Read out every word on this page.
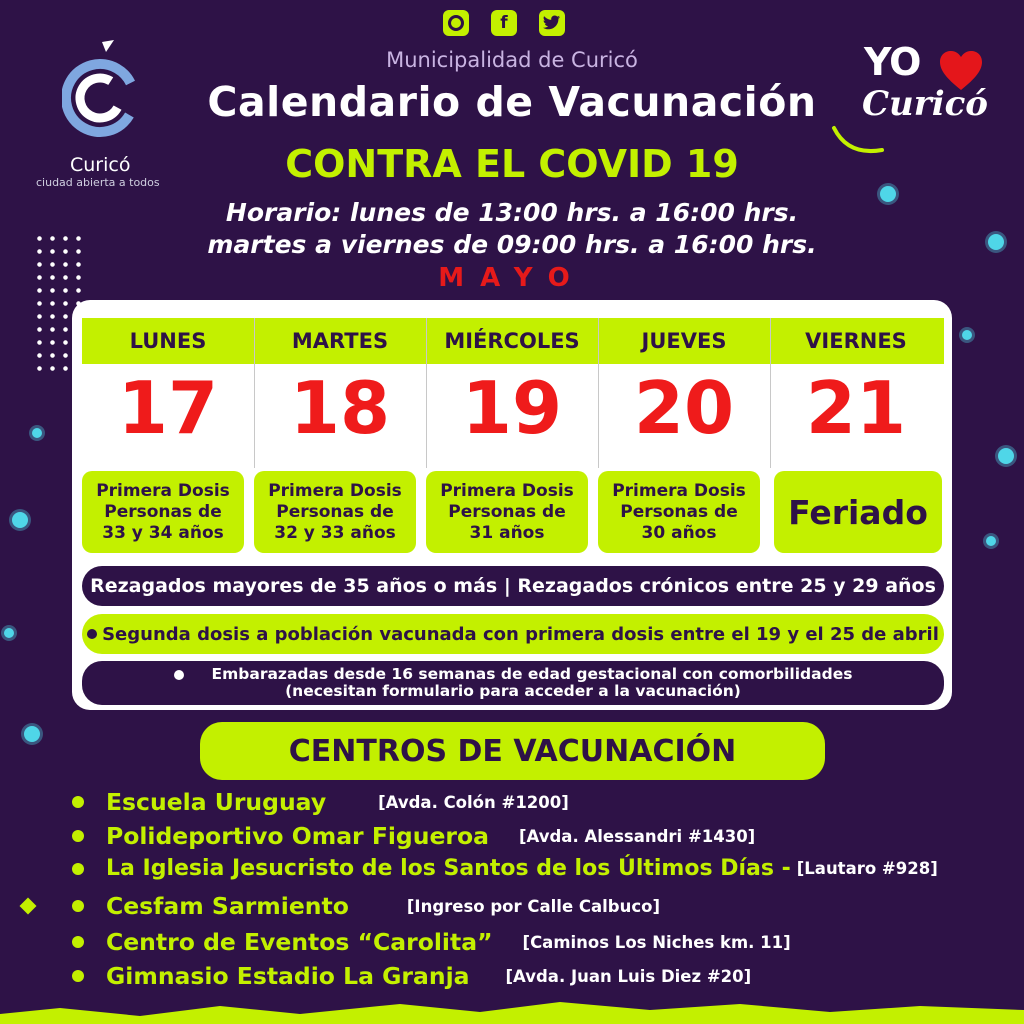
f
Curicó
ciudad abierta a todos
YO
Curicó
Municipalidad de Curicó
Calendario de Vacunación
CONTRA EL COVID 19
Horario: lunes de 13:00 hrs. a 16:00 hrs.
martes a viernes de 09:00 hrs. a 16:00 hrs.
MAYO
LUNES	MARTES	MIÉRCOLES	JUEVES	VIERNES
17 18 19 20 21
Primera Dosis
Personas de
33 y 34 años
Primera Dosis
Personas de
32 y 33 años
Primera Dosis
Personas de
31 años
Primera Dosis
Personas de
30 años
Feriado
Rezagados mayores de 35 años o más | Rezagados crónicos entre 25 y 29 años
Segunda dosis a población vacunada con primera dosis entre el 19 y el 25 de abril
Embarazadas desde 16 semanas de edad gestacional con comorbilidades
(necesitan formulario para acceder a la vacunación)
CENTROS DE VACUNACIÓN
Escuela Uruguay	[Avda. Colón #1200]
Polideportivo Omar Figueroa [Avda. Alessandri #1430]
La Iglesia Jesucristo de los Santos de los Últimos Días - [Lautaro #928]
Cesfam Sarmiento	[Ingreso por Calle Calbuco]
Centro de Eventos “Carolita” [Caminos Los Niches km. 11]
Gimnasio Estadio La Granja [Avda. Juan Luis Diez #20]
